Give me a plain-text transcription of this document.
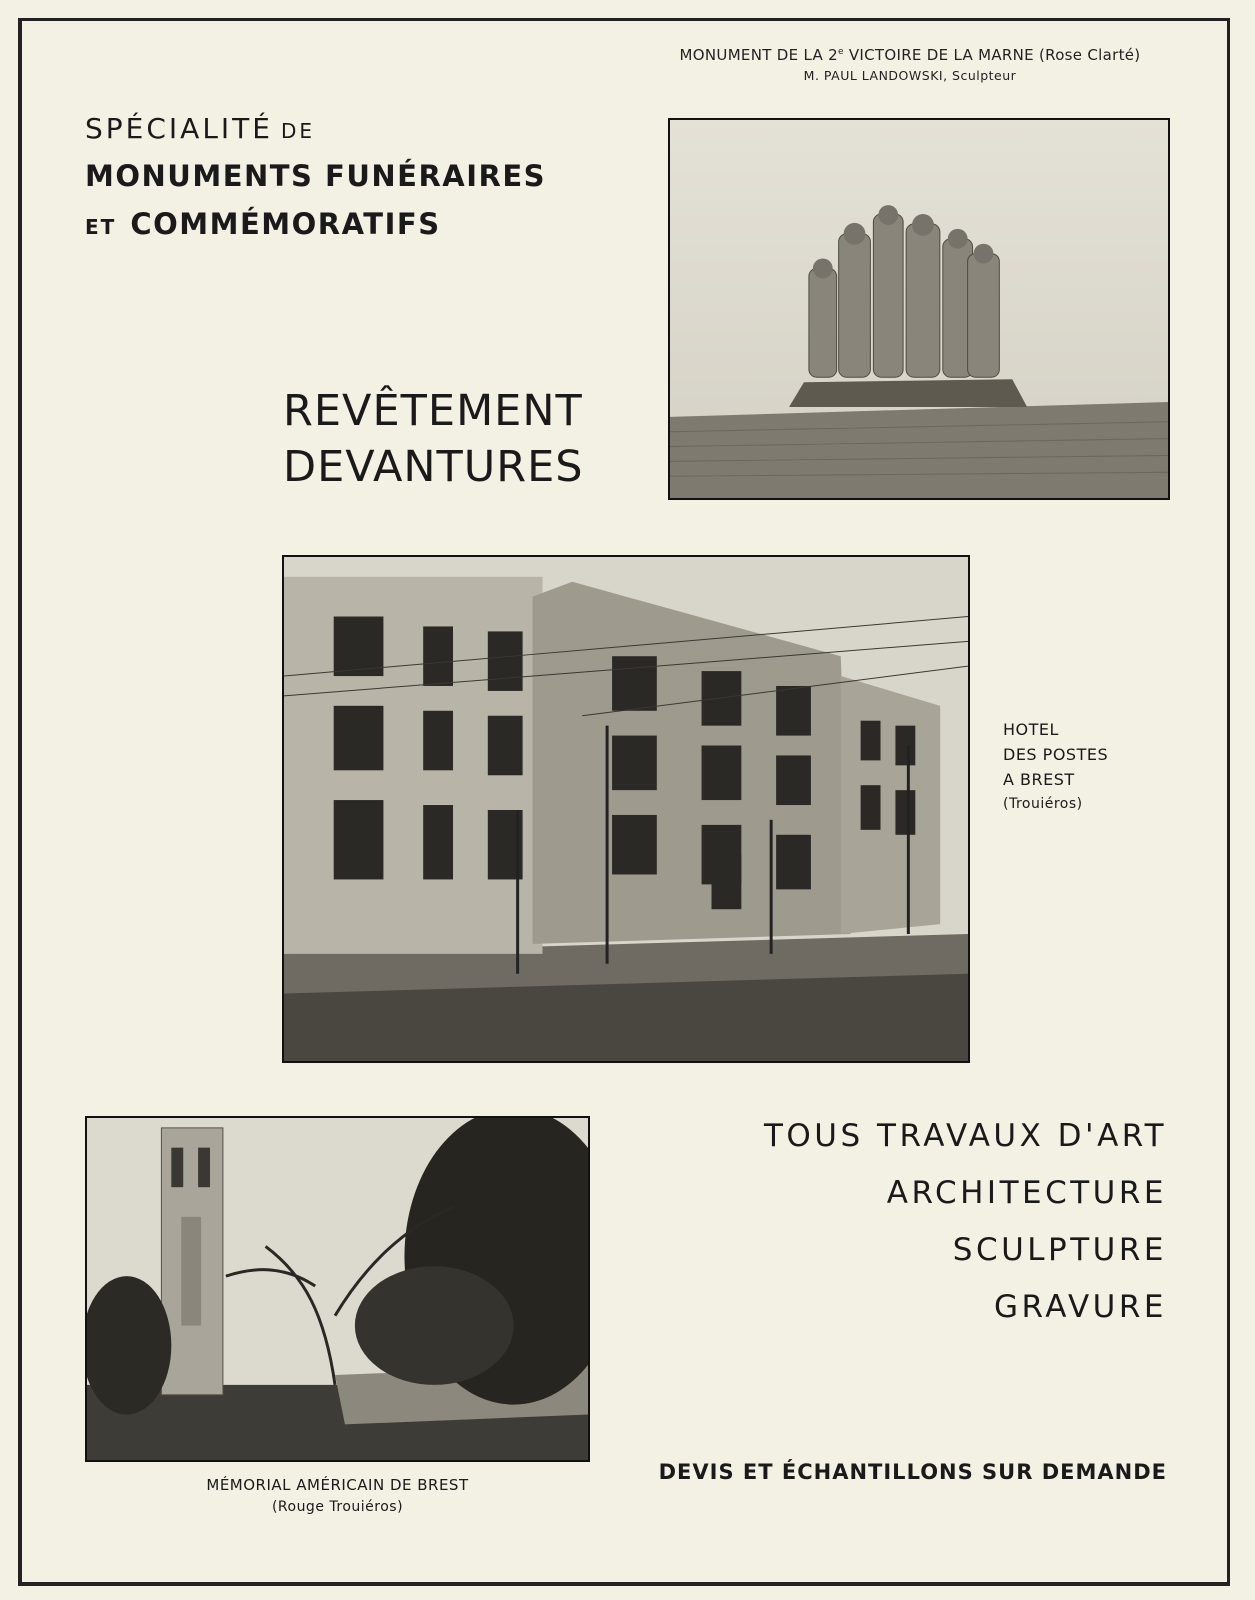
MONUMENT DE LA 2e VICTOIRE DE LA MARNE (Rose Clarté)
M. PAUL LANDOWSKI, Sculpteur
SPÉCIALITÉ DE
MONUMENTS FUNÉRAIRES
ET COMMÉMORATIFS
REVÊTEMENT
DEVANTURES
HOTEL
DES POSTES
A BREST
(Trouiéros)
MÉMORIAL AMÉRICAIN DE BREST
(Rouge Trouiéros)
TOUS TRAVAUX D'ART
ARCHITECTURE
SCULPTURE
GRAVURE
DEVIS ET ÉCHANTILLONS SUR DEMANDE
